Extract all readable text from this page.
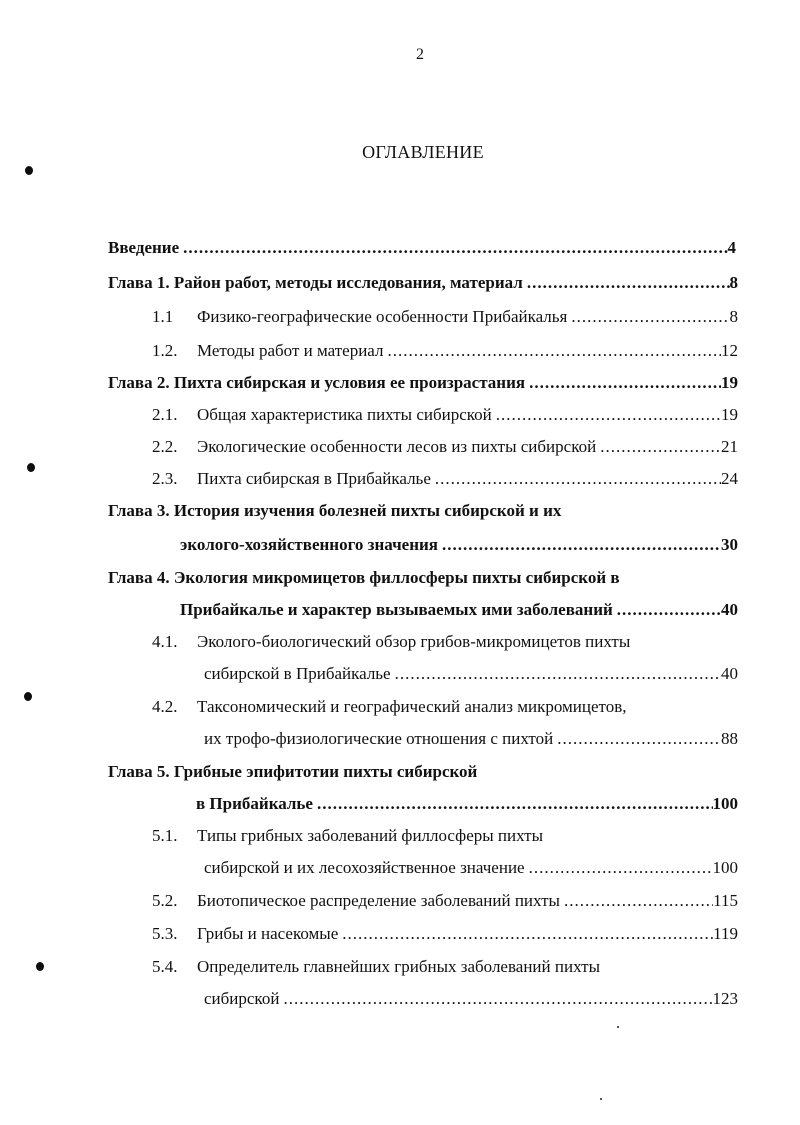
2
ОГЛАВЛЕНИЕ
Введение .....	4
Глава 1. Район работ, методы исследования, материал .....	8
1.1	Физико-географические особенности Прибайкалья .....	8
1.2.	Методы работ и материал .....	12
Глава 2. Пихта сибирская и условия ее произрастания .....	19
2.1.	Общая характеристика пихты сибирской .....	19
2.2.	Экологические особенности лесов из пихты сибирской .....	21
2.3.	Пихта сибирская в Прибайкалье .....	24
Глава 3. История изучения болезней пихты сибирской и их
эколого-хозяйственного значения .....	30
Глава 4. Экология микромицетов филлосферы пихты сибирской в
Прибайкалье и характер вызываемых ими заболеваний .....	40
4.1.	Эколого-биологический обзор грибов-микромицетов пихты
сибирской в Прибайкалье .....	40
4.2.	Таксономический и географический анализ микромицетов,
их трофо-физиологические отношения с пихтой .....	88
Глава 5. Грибные эпифитотии пихты сибирской
в Прибайкалье .....	100
5.1.	Типы грибных заболеваний филлосферы пихты
сибирской и их лесохозяйственное значение .....	100
5.2.	Биотопическое распределение заболеваний пихты .....	115
5.3.	Грибы и насекомые .....	119
5.4.	Определитель главнейших грибных заболеваний пихты
сибирской .....	123
